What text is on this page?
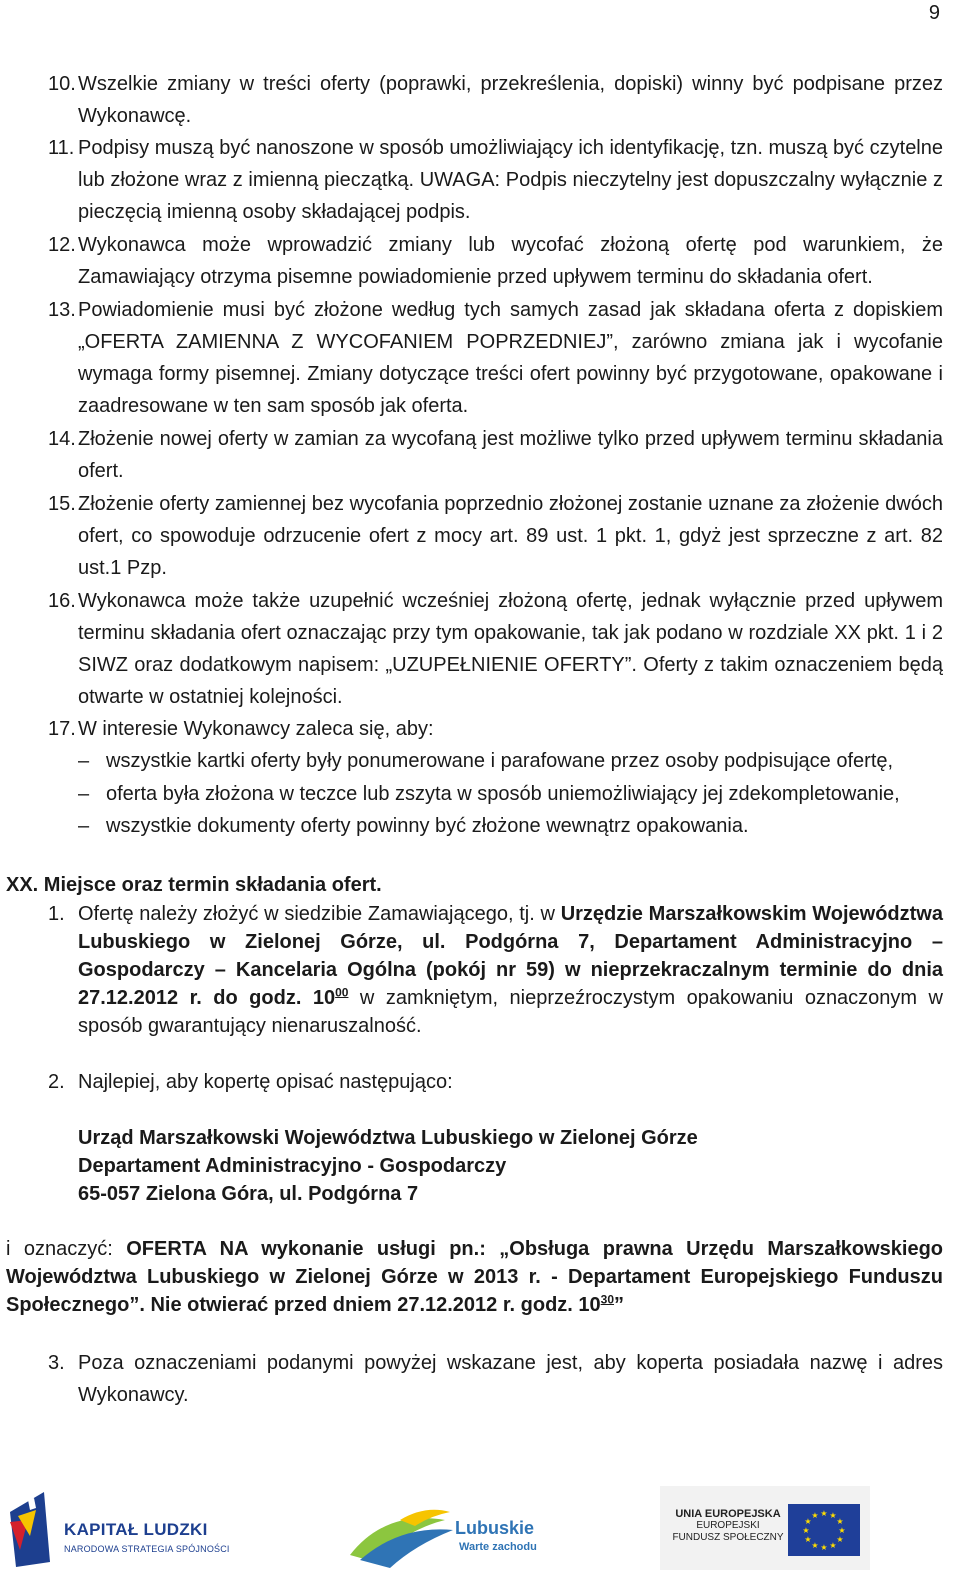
9
10. Wszelkie zmiany w treści oferty (poprawki, przekreślenia, dopiski) winny być podpisane przez Wykonawcę.
11. Podpisy muszą być nanoszone w sposób umożliwiający ich identyfikację, tzn. muszą być czytelne lub złożone wraz z imienną pieczątką. UWAGA: Podpis nieczytelny jest dopuszczalny wyłącznie z pieczęcią imienną osoby składającej podpis.
12. Wykonawca może wprowadzić zmiany lub wycofać złożoną ofertę pod warunkiem, że Zamawiający otrzyma pisemne powiadomienie przed upływem terminu do składania ofert.
13. Powiadomienie musi być złożone według tych samych zasad jak składana oferta z dopiskiem „OFERTA ZAMIENNA Z WYCOFANIEM POPRZEDNIEJ”, zarówno zmiana jak i wycofanie wymaga formy pisemnej. Zmiany dotyczące treści ofert powinny być przygotowane, opakowane i zaadresowane w ten sam sposób jak oferta.
14. Złożenie nowej oferty w zamian za wycofaną jest możliwe tylko przed upływem terminu składania ofert.
15. Złożenie oferty zamiennej bez wycofania poprzednio złożonej zostanie uznane za złożenie dwóch ofert, co spowoduje odrzucenie ofert z mocy art. 89 ust. 1 pkt. 1, gdyż jest sprzeczne z art. 82 ust.1 Pzp.
16. Wykonawca może także uzupełnić wcześniej złożoną ofertę, jednak wyłącznie przed upływem terminu składania ofert oznaczając przy tym opakowanie, tak jak podano w rozdziale XX pkt. 1 i 2 SIWZ oraz dodatkowym napisem: „UZUPEŁNIENIE OFERTY”. Oferty z takim oznaczeniem będą otwarte w ostatniej kolejności.
17. W interesie Wykonawcy zaleca się, aby:
– wszystkie kartki oferty były ponumerowane i parafowane przez osoby podpisujące ofertę,
– oferta była złożona w teczce lub zszyta w sposób uniemożliwiający jej zdekompletowanie,
– wszystkie dokumenty oferty powinny być złożone wewnątrz opakowania.
XX. Miejsce oraz termin składania ofert.
1. Ofertę należy złożyć w siedzibie Zamawiającego, tj. w Urzędzie Marszałkowskim Województwa Lubuskiego w Zielonej Górze, ul. Podgórna 7, Departament Administracyjno – Gospodarczy – Kancelaria Ogólna (pokój nr 59) w nieprzekraczalnym terminie do dnia 27.12.2012 r. do godz. $10^{00}$ w zamkniętym, nieprzeźroczystym opakowaniu oznaczonym w sposób gwarantujący nienaruszalność.
2. Najlepiej, aby kopertę opisać następująco:
Urząd Marszałkowski Województwa Lubuskiego w Zielonej Górze
Departament Administracyjno - Gospodarczy
65-057 Zielona Góra, ul. Podgórna 7
i oznaczyć: OFERTA NA wykonanie usługi pn.: „Obsługa prawna Urzędu Marszałkowskiego Województwa Lubuskiego w Zielonej Górze w 2013 r. - Departament Europejskiego Funduszu Społecznego”. Nie otwierać przed dniem 27.12.2012 r. godz. $10^{30}$”
3. Poza oznaczeniami podanymi powyżej wskazane jest, aby koperta posiadała nazwę i adres Wykonawcy.
KAPITAŁ LUDZKI
NARODOWA STRATEGIA SPÓJNOŚCI
Lubuskie
Warte zachodu
UNIA EUROPEJSKA
EUROPEJSKI
FUNDUSZ SPOŁECZNY
★ ★
★
★
★
★
★
★
★
★
★
★
